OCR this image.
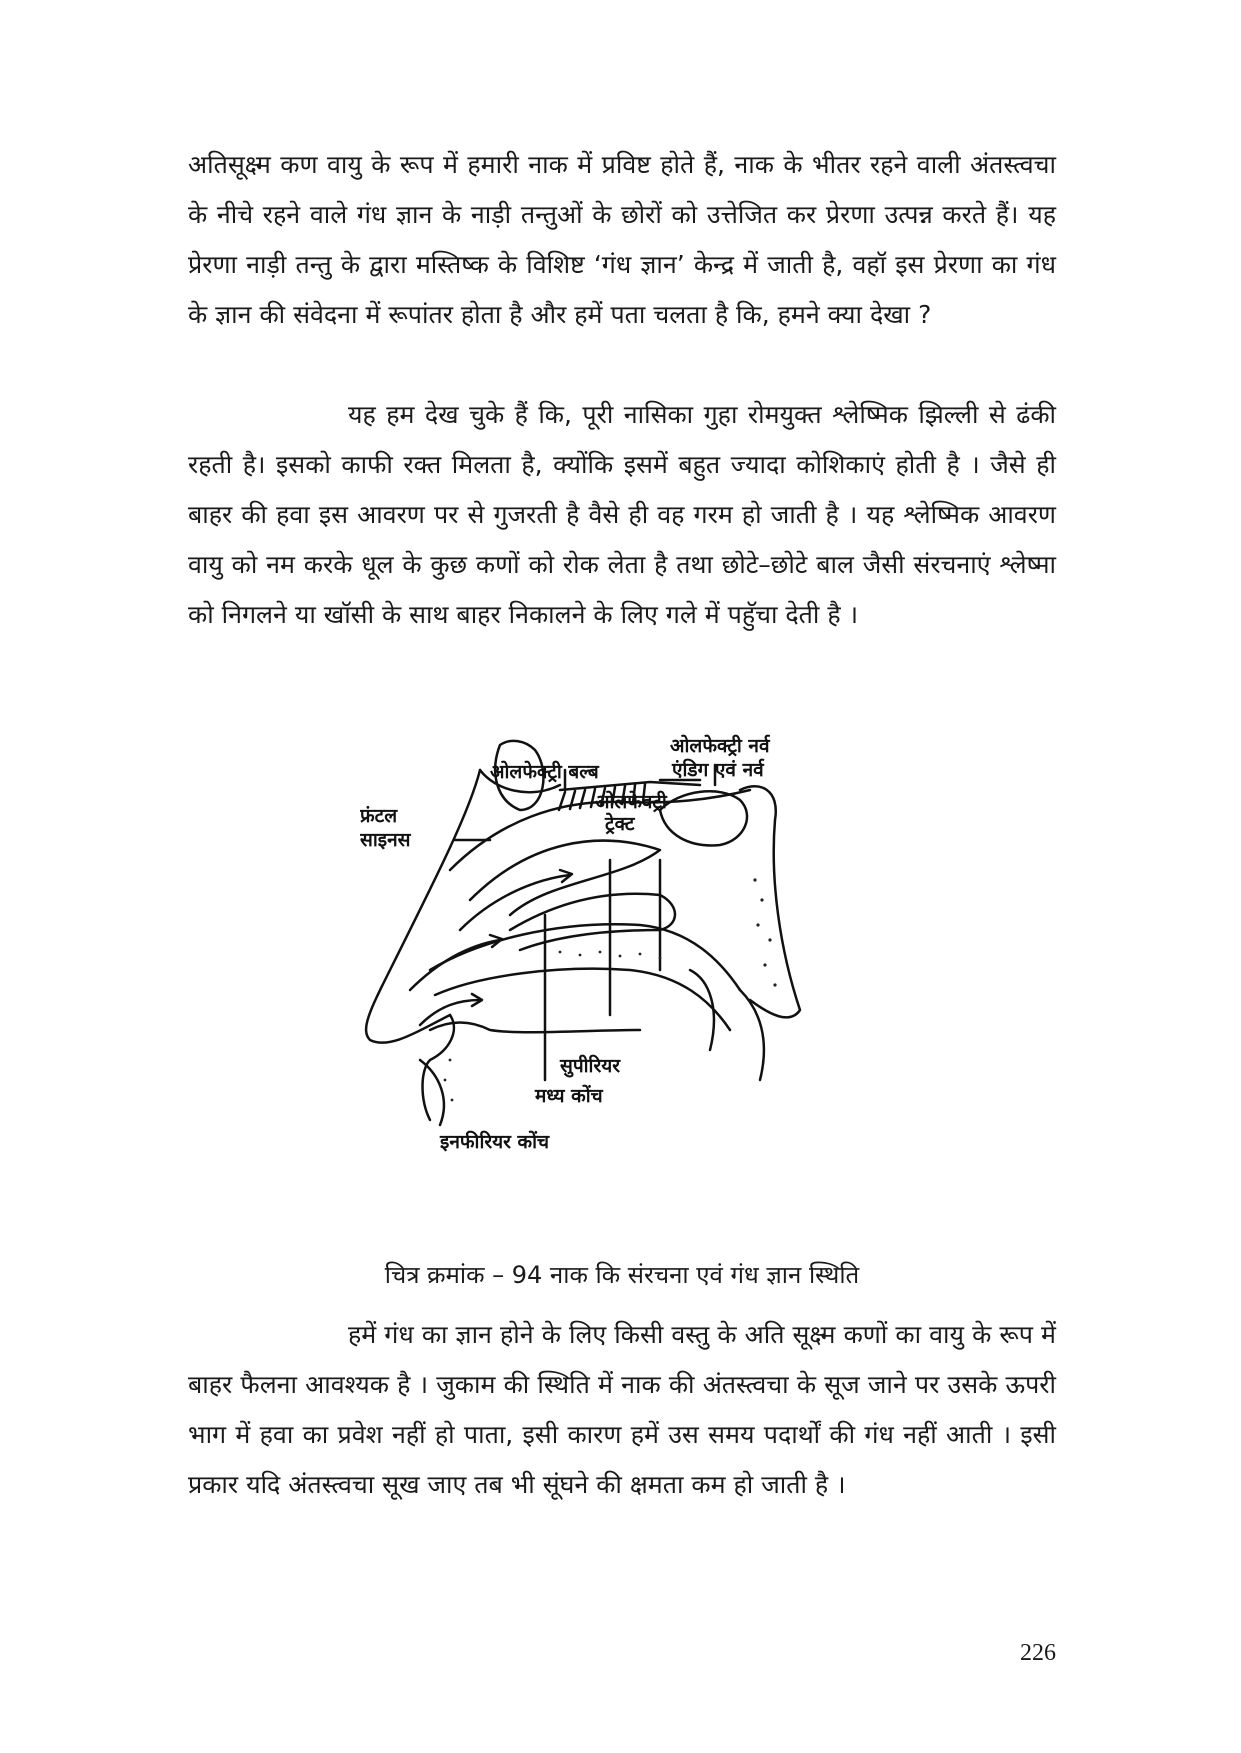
अतिसूक्ष्म कण वायु के रूप में हमारी नाक में प्रविष्ट होते हैं, नाक के भीतर रहने वाली अंतस्त्वचा के नीचे रहने वाले गंध ज्ञान के नाड़ी तन्तुओं के छोरों को उत्तेजित कर प्रेरणा उत्पन्न करते हैं। यह प्रेरणा नाड़ी तन्तु के द्वारा मस्तिष्क के विशिष्ट ‘गंध ज्ञान’ केन्द्र में जाती है, वहॉ इस प्रेरणा का गंध के ज्ञान की संवेदना में रूपांतर होता है और हमें पता चलता है कि, हमने क्या देखा ?

यह हम देख चुके हैं कि, पूरी नासिका गुहा रोमयुक्त श्लेष्मिक झिल्ली से ढंकी रहती है। इसको काफी रक्त मिलता है, क्योंकि इसमें बहुत ज्यादा कोशिकाएं होती है । जैसे ही बाहर की हवा इस आवरण पर से गुजरती है वैसे ही वह गरम हो जाती है । यह श्लेष्मिक आवरण वायु को नम करके धूल के कुछ कणों को रोक लेता है तथा छोटे–छोटे बाल जैसी संरचनाएं श्लेष्मा को निगलने या खॉसी के साथ बाहर निकालने के लिए गले में पहुॅचा देती है ।

ओलफेक्ट्री नर्व
एंडिग एवं नर्व
ओलफेक्ट्री बल्ब
ओलफेक्ट्री
ट्रेक्ट
फ्रंटल
साइनस
सुपीरियर
मध्य कोंच
इनफीरियर कोंच

चित्र क्रमांक – 94 नाक कि संरचना एवं गंध ज्ञान स्थिति

हमें गंध का ज्ञान होने के लिए किसी वस्तु के अति सूक्ष्म कणों का वायु के रूप में बाहर फैलना आवश्यक है । जुकाम की स्थिति में नाक की अंतस्त्वचा के सूज जाने पर उसके ऊपरी भाग में हवा का प्रवेश नहीं हो पाता, इसी कारण हमें उस समय पदार्थों की गंध नहीं आती । इसी प्रकार यदि अंतस्त्वचा सूख जाए तब भी सूंघने की क्षमता कम हो जाती है ।

226
